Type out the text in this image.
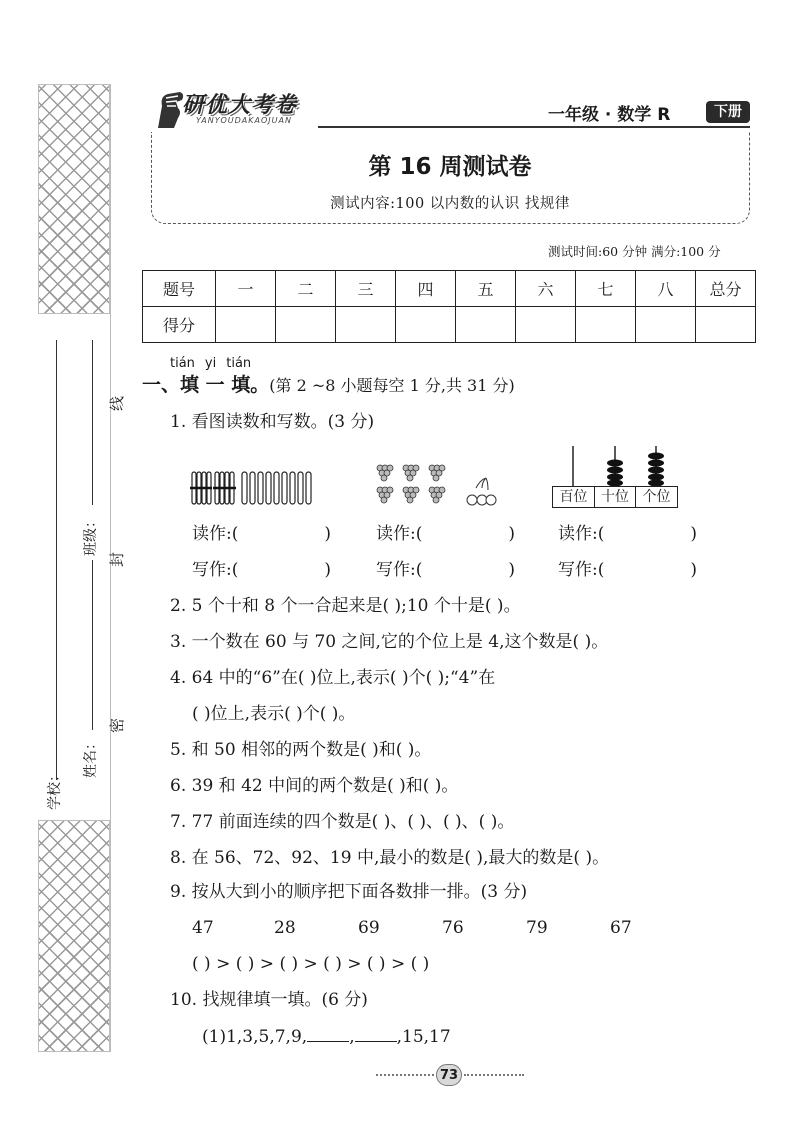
学校：
班级：
姓名：
线
封
密
研优大考卷
YANYOUDAKAOJUAN	一年级 · 数学 R	下册
第 16 周测试卷
测试内容:100 以内数的认识 找规律
测试时间:60 分钟 满分:100 分
题号	一	二	三	四	五	六	七	八	总分
得分									
tián yi tián
一、填 一 填。(第 2 ~8 小题每空 1 分,共 31 分)
1. 看图读数和写数。(3 分)
百位 十位 个位
读作:(	)	读作:(	)	读作:(	)
写作:(	)	写作:(	)	写作:(	)
2. 5 个十和 8 个一合起来是( );10 个十是( )。
3. 一个数在 60 与 70 之间,它的个位上是 4,这个数是( )。
4. 64 中的“6”在( )位上,表示( )个( );“4”在
( )位上,表示( )个( )。
5. 和 50 相邻的两个数是( )和( )。
6. 39 和 42 中间的两个数是( )和( )。
7. 77 前面连续的四个数是( )、( )、( )、( )。
8. 在 56、72、92、19 中,最小的数是( ),最大的数是( )。
9. 按从大到小的顺序把下面各数排一排。(3 分)
47	28	69	76	79	67
( ) > ( ) > ( ) > ( ) > ( ) > ( )
10. 找规律填一填。(6 分)
(1)1,3,5,7,9, , ,15,17
73
